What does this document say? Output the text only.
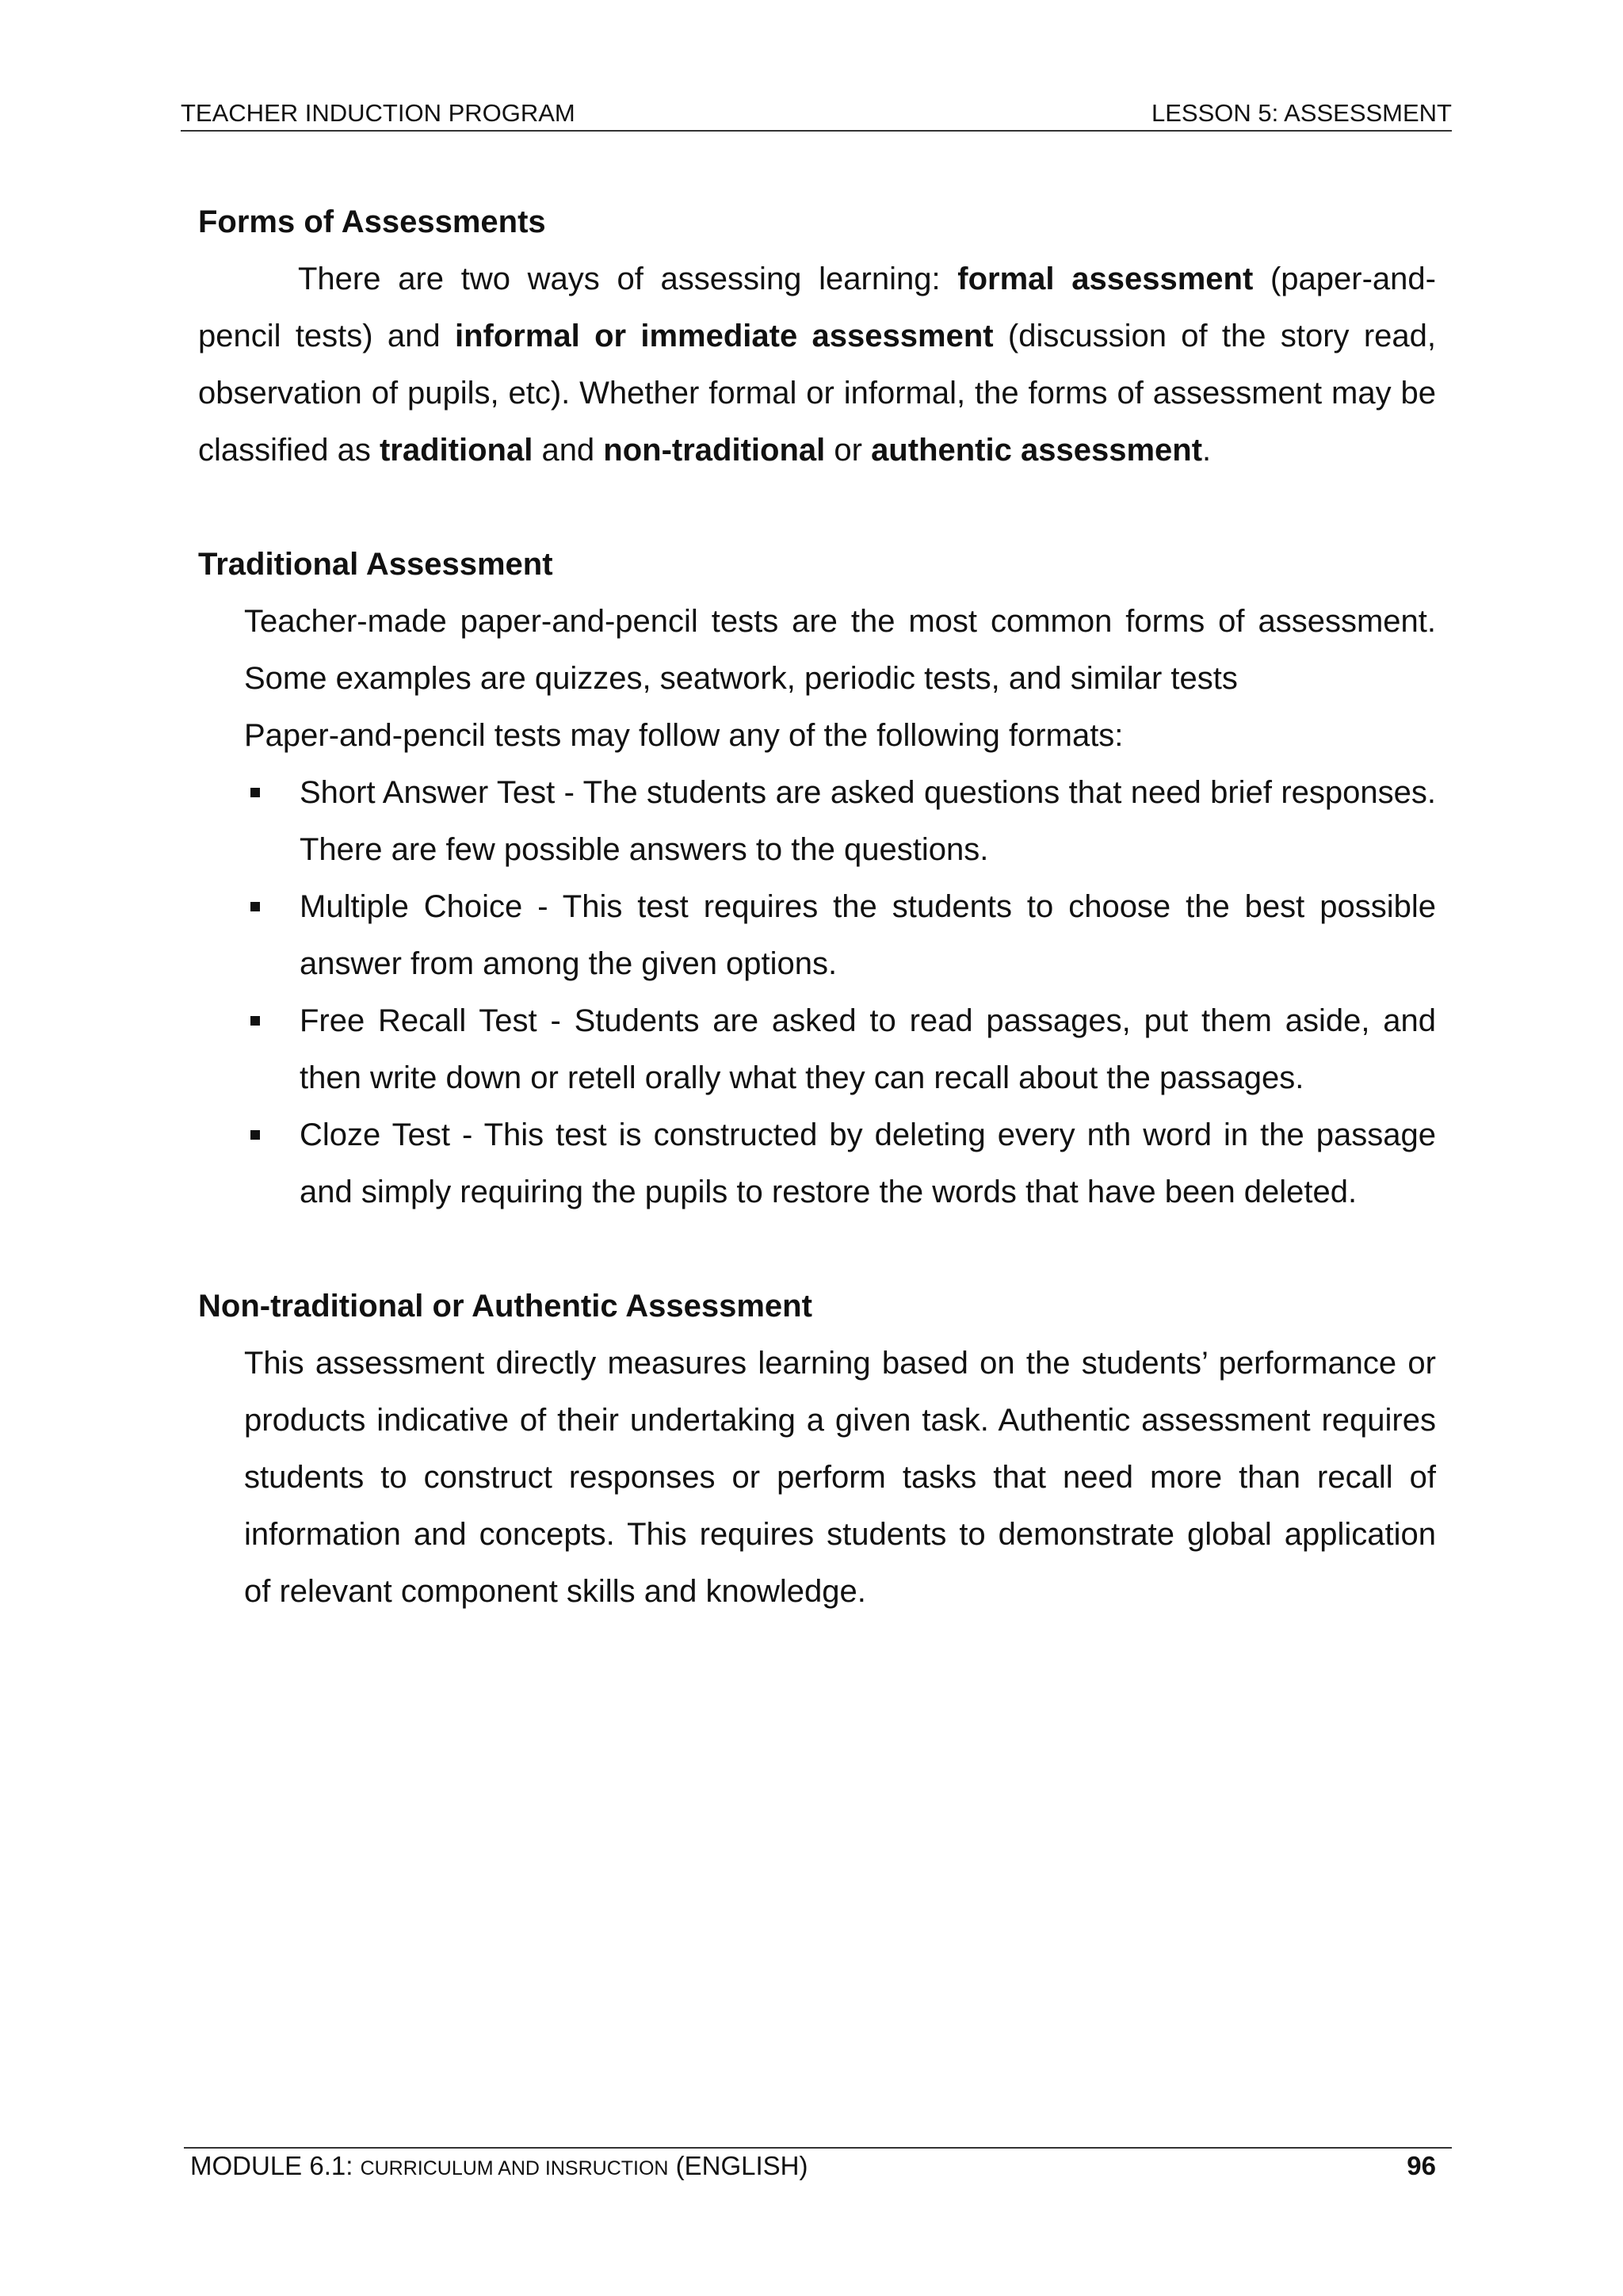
TEACHER INDUCTION PROGRAM	LESSON 5: ASSESSMENT

Forms of Assessments

There are two ways of assessing learning: formal assessment (paper-and-pencil tests) and informal or immediate assessment (discussion of the story read, observation of pupils, etc). Whether formal or informal, the forms of assessment may be classified as traditional and non-traditional or authentic assessment.

Traditional Assessment

Teacher-made paper-and-pencil tests are the most common forms of assessment. Some examples are quizzes, seatwork, periodic tests, and similar tests

Paper-and-pencil tests may follow any of the following formats:

Short Answer Test - The students are asked questions that need brief responses. There are few possible answers to the questions.
Multiple Choice - This test requires the students to choose the best possible answer from among the given options.
Free Recall Test - Students are asked to read passages, put them aside, and then write down or retell orally what they can recall about the passages.
Cloze Test - This test is constructed by deleting every nth word in the passage and simply requiring the pupils to restore the words that have been deleted.

Non-traditional or Authentic Assessment

This assessment directly measures learning based on the students’ performance or products indicative of their undertaking a given task. Authentic assessment requires students to construct responses or perform tasks that need more than recall of information and concepts. This requires students to demonstrate global application of relevant component skills and knowledge.

MODULE 6.1: CURRICULUM AND INSRUCTION (ENGLISH)	96
